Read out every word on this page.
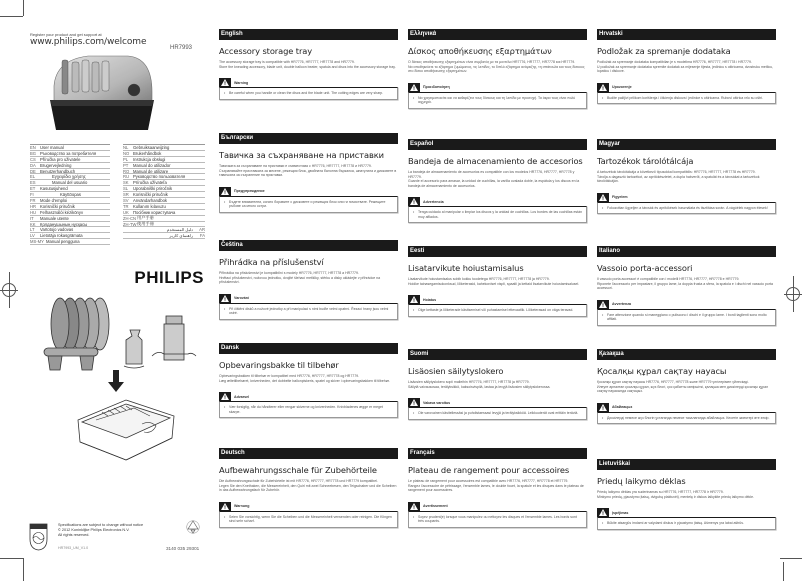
Register your product and get support at
www.philips.com/welcome
HR7993
EN User manual
BG Ръководство за потребителя
CS Příručka pro uživatele
DA Brugervejledning
DE Benutzerhandbuch
EL	Εγχειρίδιο χρήσης
ES	Manual del usuario
ET	Kasutusjuhend
FI	Käyttöopas
FR	Mode d'emploi
HR Korisnički priručnik
HU Felhasználói kézikönyv
IT	Manuale utente
KK	Қолданушының нұсқасы
LT	Vartotojo vadovas
LV	Lietotāja rokasgrāmata
MS-MY Manual pengguna
NL	Gebruiksaanwijzing
NO Brukerhåndbok
PL	Instrukcja obsługi
PT	Manual do utilizador
RO Manual de utilizare
RU Руководство пользователя
SK	Príručka užívateľa
SL	Uporabniški priročnik
SR Korisnički priručnik
SV	Användarhandbok
TR	Kullanım kılavuzu
UK Посібник користувача
ZH-CN 用户手册
ZH-TW 使用手冊
دليل المستخدم	AR
راهنمای کاربر	FA
PHILIPS
Specifications are subject to change without notice
© 2012 Koninklijke Philips Electronics N.V.
All rights reserved.
HR7993_UM_V1.0	3140 035 29301
English
Accessory storage tray

The accessory storage tray is compatible with HR7776, HR7777, HR7778 and HR7779.

Store the kneading accessory, blade unit, double balloon beater, spatula and discs into the accessory storage tray.

Warning
•	Be careful when you handle or clean the discs and the blade unit. The cutting edges are very sharp.
Български
Тавичка за съхраняване на приставки

Тавичката за съхраняване на приставки е съвместима с HR7776, HR7777, HR7778 и HR7779.

Съхранявайте приставката за месене, режещия блок, двойната балонна бъркалка, шпатулата и дисковете в тавичката за съхранение на приставки.

Предупреждение
•	Бъдете внимателни, когато боравите с дисковете и режещия блок или ги почиствате. Режещите ръбове са много остри.
Čeština
Přihrádka na příslušenství

Přihrádka na příslušenství je kompatibilní s modely HR7776, HR7777, HR7778 a HR7779.

Hnětací příslušenství, nožovou jednotku, dvojité šlehací metličky, stěrku a disky ukládejte v přihrádce na příslušenství.

Varování
•	Při čištění disků a nožové jednotky a při manipulaci s nimi buďte velmi opatrní. Řezací hrany jsou velmi ostré.
Dansk
Opbevaringsbakke til tilbehør

Opbevaringsbakken til tilbehør er kompatibel med HR7776, HR7777, HR7778 og HR7779.

Læg æltetilbehøret, knivenheden, det dobbelte ballonpiskeris, spatel og skiver i opbevaringsbakken til tilbehør.

Advarsel
•	Vær forsigtig, når du håndterer eller rengør skiverne og knivenheden. Knivbladenes ægge er meget skarpe.
Deutsch
Aufbewahrungsschale für Zubehörteile

Die Aufbewahrungsschale für Zubehörteile ist mit HR7776, HR7777, HR7778 und HR7779 kompatibel.

Legen Sie den Knethaken, die Messereinheit, den Quirl mit zwei Schneebesen, den Teigschaber und die Scheiben in das Aufbewahrungsfach für Zubehör.

Warnung
•	Seien Sie vorsichtig, wenn Sie die Scheiben und die Messereinheit verwenden oder reinigen. Die Klingen sind sehr scharf.
Ελληνικά
Δίσκος αποθήκευσης εξαρτημάτων

Ο δίσκος αποθήκευσης εξαρτημάτων είναι συμβατός με τα μοντέλα HR7776, HR7777, HR7778 και HR7779.

Να αποθηκεύετε το εξάρτημα ζυμώματος, τις λεπίδες, το διπλό εξάρτημα ανάμειξης, τη σπάτουλα και τους δίσκους στο δίσκο αποθήκευσης εξαρτημάτων.

Προειδοποίηση
•	Να χρησιμοποιείτε και να καθαρίζετε τους δίσκους και τη λεπίδα με προσοχή. Τα άκρα τους είναι πολύ αιχμηρά.
Español
Bandeja de almacenamiento de accesorios

La bandeja de almacenamiento de accesorios es compatible con los modelos HR7776, HR7777, HR7778 y HR7779.

Guarde el accesorio para amasar, la unidad de cuchillas, la varilla ovalada doble, la espátula y los discos en la bandeja de almacenamiento de accesorios.

Advertencia
•	Tenga cuidado al manipular o limpiar los discos y la unidad de cuchillas. Los bordes de las cuchillas están muy afilados.
Eesti
Lisatarvikute hoiustamisalus

Lisatarvikute hoiustamisalus sobib kokku toodetega HR7776, HR7777, HR7778 ja HR7779.

Hoidke tainasegamisokonksud, lõiketerasid, kahekordset vispli, spaatli ja kettaid lisatarvikute hoiustamisalusel.

Hoiatus
•	Olge kettaste ja lõiketerade käsitsemisel või puhastamisel ettevaatlik. Lõiketerasad on väga teravad.
Suomi
Lisäosien säilytyslokero

Lisäosien säilytyslokero sopii malleihin HR7776, HR7777, HR7778 ja HR7779.

Säilytä vaivausosaa, terälyksikkö, kaksoisvispilä, lastaa ja levyjä lisäosien säilytyslokerossa.

Vakava varoitus
•	Ole varovainen käsitellessäsi ja puhdistaessasi levyjä ja terälyksikköä. Leikkuuterät ovat erittäin teräviä.
Français
Plateau de rangement pour accessoires

Le plateau de rangement pour accessoires est compatible avec HR7776, HR7777, HR7778 et HR7779.

Rangez l'accessoire de pétrissage, l'ensemble lames, le double fouet, la spatule et les disques dans le plateau de rangement pour accessoires.

Avertissement
•	Soyez prudent(e) lorsque vous manipulez ou nettoyez les disques et l'ensemble lames. Les bords sont très coupants.
Hrvatski
Podložak za spremanje dodataka

Podložak za spremanje dodataka kompatibilan je s modelima HR7776, HR7777, HR7778 i HR7779.

U podložak za spremanje dodataka spremite dodatak za mijesenje tijesta, jedinicu s oštricama, dvostruku metlicu, lopaticu i diskove.

Upozorenje
•	Budite pažljivi prilikom korištenja i čišćenja diskova i jedinice s oštricama. Rubovi oštrica vrlo su oštri.
Magyar
Tartozékok tárolótálcája

A tartozékok tárolótálcája a következő típusokkal kompatibilis: HR7776, HR7777, HR7778 és HR7779.

Tárolja a dagasztó tartozékot, az aprítókészletet, a dupla habverőt, a spatulát és a tárcsákat a tartozékok tárolótálcáján.

Figyelem
•	Fokozottan ügyeljen a tárcsák és aprítókések használata és tisztítása során. A vágóélek nagyon élesek!
Italiano
Vassoio porta-accessori

Il vassoio porta accessori è compatibile con i modelli HR7776, HR7777, HR7778 e HR7779.

Riponete l'accessorio per impastare, il gruppo lame, la doppia frusta a sfera, la spatola e i dischi nel vassoio porta accessori.

Avvertenza
•	Fare attenzione quando si maneggiano o puliscono i dischi e il gruppo lame. I bordi taglienti sono molto affilati.
Қазақша
Қосалқы құрал сақтау науасы

Қосалқы құрал сақтау науасы HR7776, HR7777, HR7778 және HR7779 үлгілерімен үйлесімді.

Илеуге арналған қосалқы құрал, жүз блогі, қос қабатты көпіршіткі, қалақша мен дискілерді қосалқы құрал сақтау науасында сақтаңыз.

Абайлаңыз
•	Дискілерді немесе жүз блогін ұстағанда немесе тазалағанда абайлаңыз. Кесетін жиектері өте өткір.
Lietuviškai
Priedų laikymo dėklas

Priedų laikymo dėklas yra suderinamas su HR7776, HR7777, HR7778 ir HR7779.

Minkymo priedą, pjaustymo įtaisą, dvigubą plaktuvėlį, mentelę ir diskus laikykite priedų laikymo dėkle.

Įspėjimas
•	Būkite atsargūs imdami ar valydami diskus ir pjaustymo įtaisą. Ašmenys yra labai aštrūs.
